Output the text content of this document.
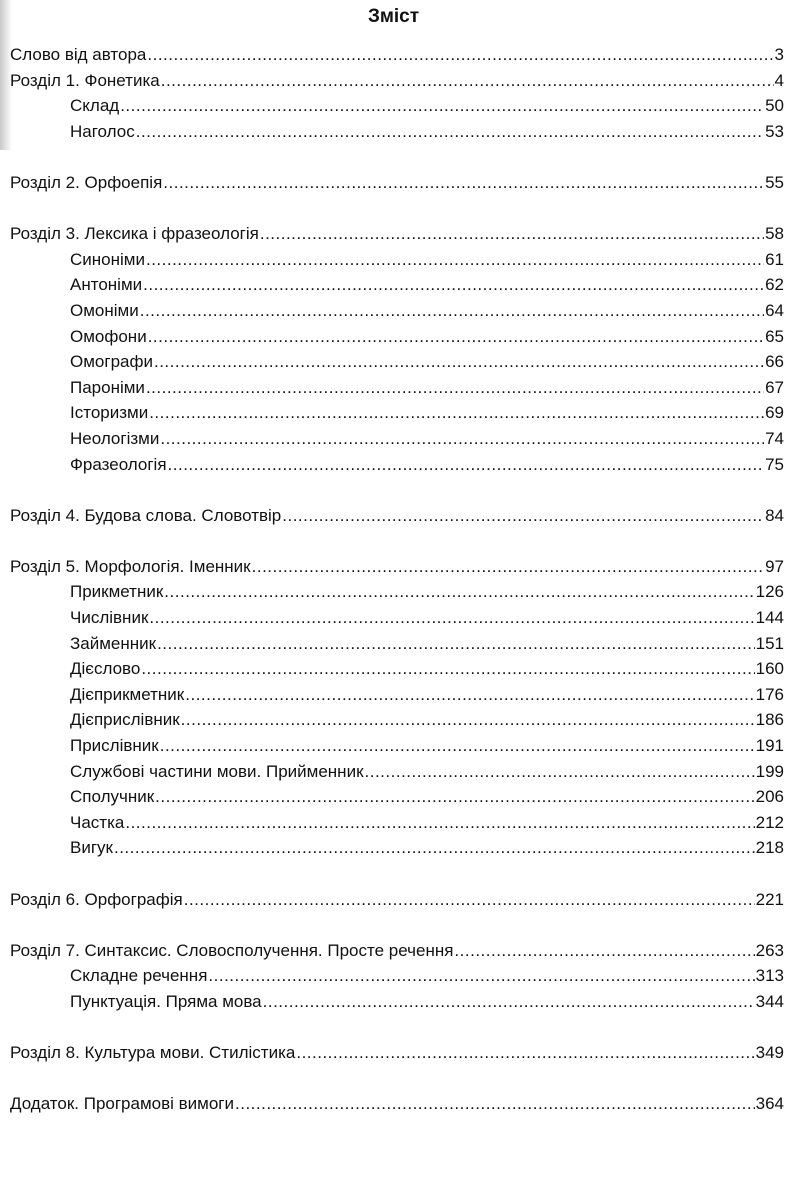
Зміст
Слово від автора .....	3
Розділ 1. Фонетика .....	4
Склад .....	50
Наголос .....	53
Розділ 2. Орфоепія .....	55
Розділ 3. Лексика і фразеологія .....	58
Синоніми .....	61
Антоніми .....	62
Омоніми .....	64
Омофони .....	65
Омографи .....	66
Пароніми .....	67
Історизми .....	69
Неологізми .....	74
Фразеологія .....	75
Розділ 4. Будова слова. Словотвір .....	84
Розділ 5. Морфологія. Іменник .....	97
Прикметник .....	126
Числівник .....	144
Займенник .....	151
Дієслово .....	160
Дієприкметник .....	176
Дієприслівник .....	186
Прислівник .....	191
Службові частини мови. Прийменник .....	199
Сполучник .....	206
Частка .....	212
Вигук .....	218
Розділ 6. Орфографія .....	221
Розділ 7. Синтаксис. Словосполучення. Просте речення .....	263
Складне речення .....	313
Пунктуація. Пряма мова .....	344
Розділ 8. Культура мови. Стилістика .....	349
Додаток. Програмові вимоги .....	364
